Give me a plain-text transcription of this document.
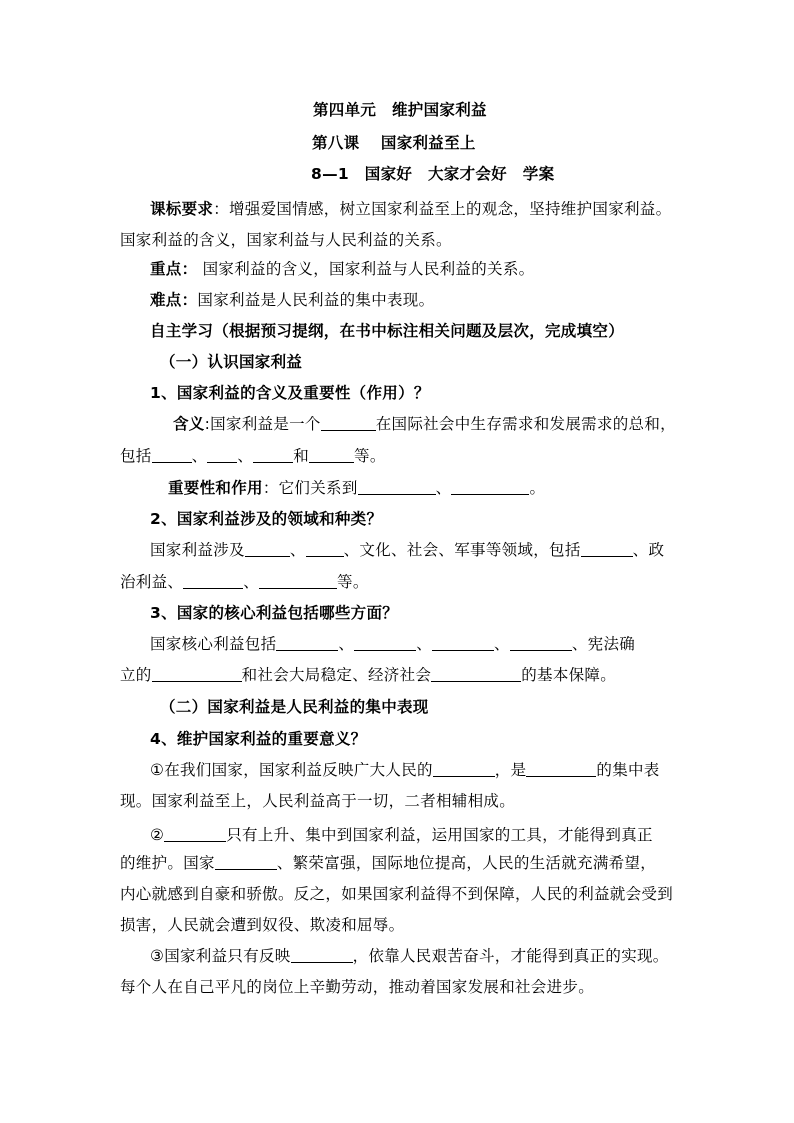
第四单元　维护国家利益
第八课　 国家利益至上
8—1　国家好　大家才会好　学案
课标要求：增强爱国情感，树立国家利益至上的观念，坚持维护国家利益。
国家利益的含义，国家利益与人民利益的关系。
重点： 国家利益的含义，国家利益与人民利益的关系。
难点：国家利益是人民利益的集中表现。
自主学习（根据预习提纲，在书中标注相关问题及层次，完成填空）
（一）认识国家利益
1、国家利益的含义及重要性（作用）？
含义:国家利益是一个	在国际社会中生存需求和发展需求的总和，
包括	、 、	和	等。
重要性和作用：它们关系到	、	。
2、国家利益涉及的领域和种类？
国家利益涉及	、 、文化、社会、军事等领域，包括	、政
治利益、	、	等。
3、国家的核心利益包括哪些方面？
国家核心利益包括	、	、	、	、宪法确
立的	和社会大局稳定、经济社会	的基本保障。
（二）国家利益是人民利益的集中表现
4、维护国家利益的重要意义？
①在我们国家，国家利益反映广大人民的	，是	的集中表
现。国家利益至上，人民利益高于一切，二者相辅相成。
②	只有上升、集中到国家利益，运用国家的工具，才能得到真正
的维护。国家	、繁荣富强，国际地位提高，人民的生活就充满希望，
内心就感到自豪和骄傲。反之，如果国家利益得不到保障，人民的利益就会受到
损害，人民就会遭到奴役、欺凌和屈辱。
③国家利益只有反映	，依靠人民艰苦奋斗，才能得到真正的实现。
每个人在自己平凡的岗位上辛勤劳动，推动着国家发展和社会进步。
